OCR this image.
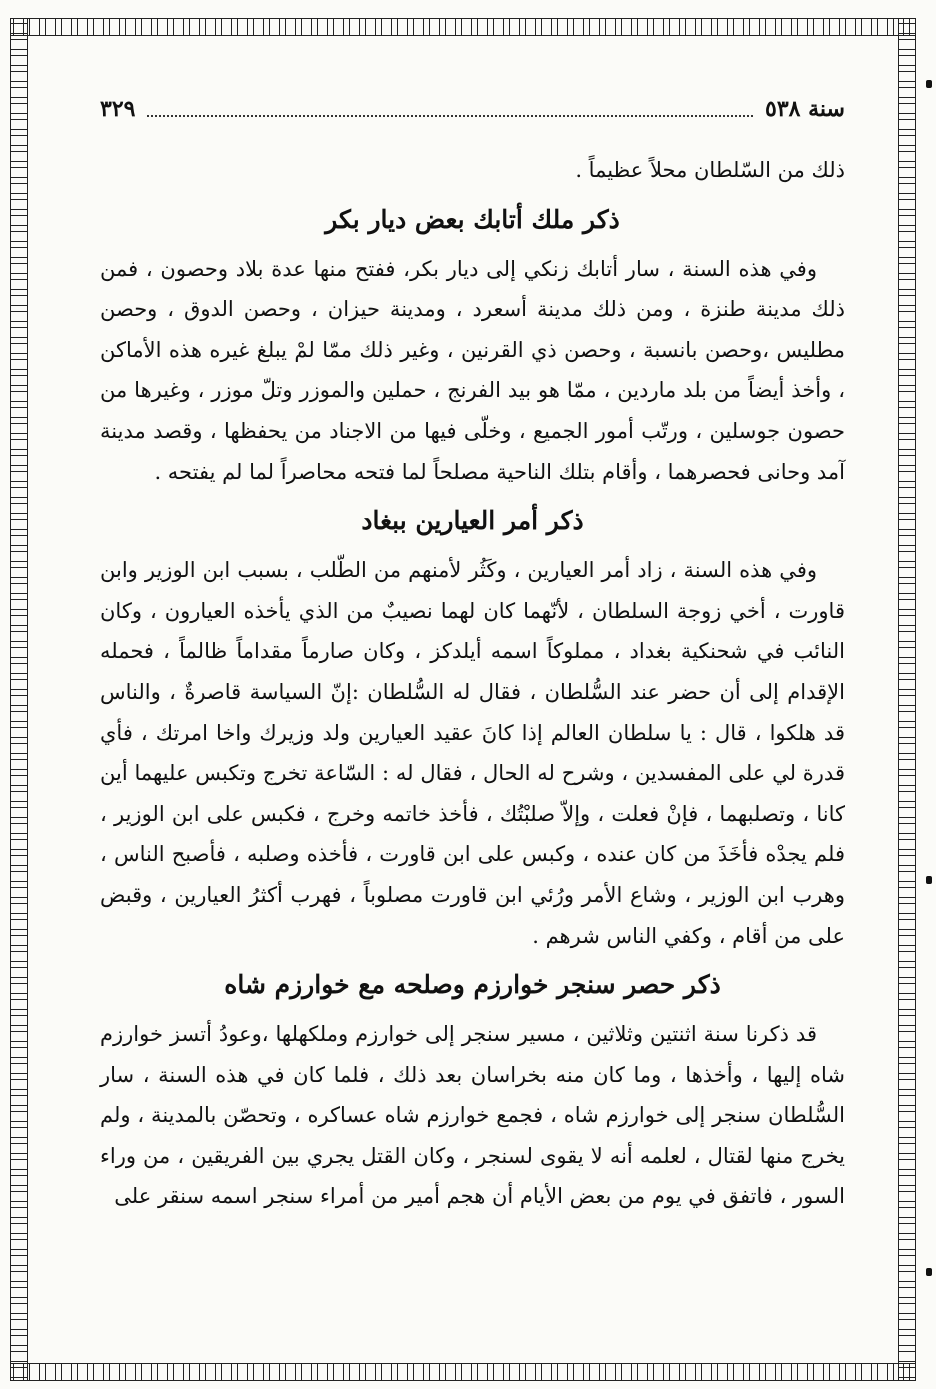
سنة ٥٣٨
٣٢٩

ذلك من السّلطان محلاً عظيماً .

ذكر ملك أتابك بعض ديار بكر

وفي هذه السنة ، سار أتابك زنكي إلى ديار بكر، ففتح منها عدة بلاد وحصون ، فمن ذلك مدينة طنزة ، ومن ذلك مدينة أسعرد ، ومدينة حيزان ، وحصن الدوق ، وحصن مطليس ،وحصن بانسبة ، وحصن ذي القرنين ، وغير ذلك ممّا لمْ يبلغ غيره هذه الأماكن ، وأخذ أيضاً من بلد ماردين ، ممّا هو بيد الفرنج ، حملين والموزر وتلّ موزر ، وغيرها من حصون جوسلين ، ورتّب أمور الجميع ، وخلّى فيها من الاجناد من يحفظها ، وقصد مدينة آمد وحانى فحصرهما ، وأقام بتلك الناحية مصلحاً لما فتحه محاصراً لما لم يفتحه .

ذكر أمر العيارين ببغاد

وفي هذه السنة ، زاد أمر العيارين ، وكَثُر لأمنهم من الطّلب ، بسبب ابن الوزير وابن قاورت ، أخي زوجة السلطان ، لأنّهما كان لهما نصيبٌ من الذي يأخذه العيارون ، وكان النائب في شحنكية بغداد ، مملوكاً اسمه أيلدكز ، وكان صارماً مقداماً ظالماً ، فحمله الإقدام إلى أن حضر عند السُّلطان ، فقال له السُّلطان :إنّ السياسة قاصرةٌ ، والناس قد هلكوا ، قال : يا سلطان العالم إذا كانَ عقيد العيارين ولد وزيرك واخا امرتك ، فأي قدرة لي على المفسدين ، وشرح له الحال ، فقال له : السّاعة تخرج وتكبس عليهما أين كانا ، وتصلبهما ، فإنْ فعلت ، وإلاّ صلبْتُك ، فأخذ خاتمه وخرج ، فكبس على ابن الوزير ، فلم يجدْه فأخَذَ من كان عنده ، وكبس على ابن قاورت ، فأخذه وصلبه ، فأصبح الناس ، وهرب ابن الوزير ، وشاع الأمر ورُئي ابن قاورت مصلوباً ، فهرب أكثرُ العيارين ، وقبض على من أقام ، وكفي الناس شرهم .

ذكر حصر سنجر خوارزم وصلحه مع خوارزم شاه

قد ذكرنا سنة اثنتين وثلاثين ، مسير سنجر إلى خوارزم وملكهلها ،وعودُ أتسز خوارزم شاه إليها ، وأخذها ، وما كان منه بخراسان بعد ذلك ، فلما كان في هذه السنة ، سار السُّلطان سنجر إلى خوارزم شاه ، فجمع خوارزم شاه عساكره ، وتحصّن بالمدينة ، ولم يخرج منها لقتال ، لعلمه أنه لا يقوى لسنجر ، وكان القتل يجري بين الفريقين ، من وراء السور ، فاتفق في يوم من بعض الأيام أن هجم أمير من أمراء سنجر اسمه سنقر على
